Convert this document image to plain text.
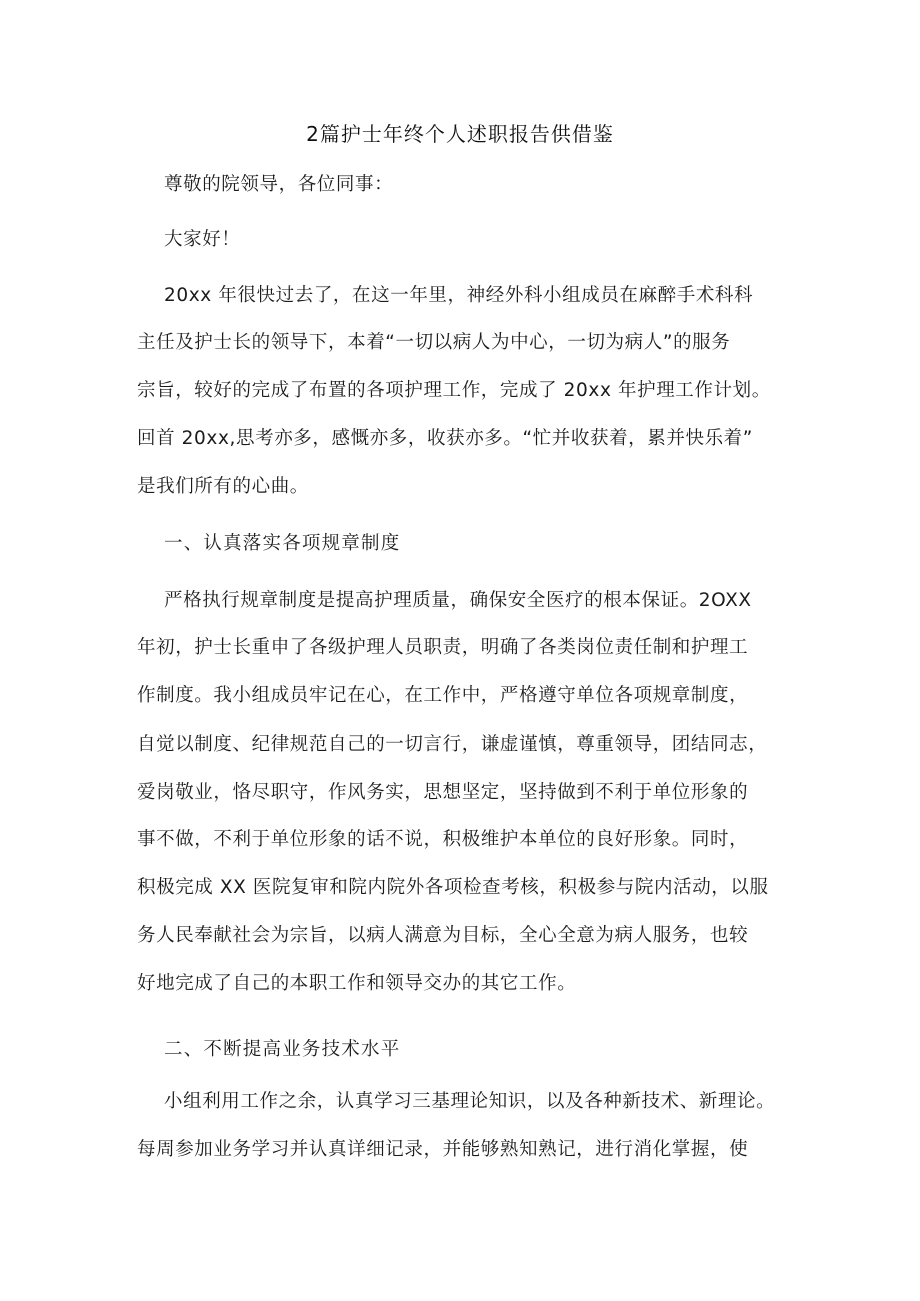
2篇护士年终个人述职报告供借鉴
尊敬的院领导，各位同事：
大家好！
20xx 年很快过去了，在这一年里，神经外科小组成员在麻醉手术科科
主任及护士长的领导下，本着“一切以病人为中心，一切为病人”的服务
宗旨，较好的完成了布置的各项护理工作，完成了 20xx 年护理工作计划。
回首 20xx,思考亦多，感慨亦多，收获亦多。“忙并收获着，累并快乐着”
是我们所有的心曲。
一、认真落实各项规章制度
严格执行规章制度是提高护理质量，确保安全医疗的根本保证。2OXX
年初，护士长重申了各级护理人员职责，明确了各类岗位责任制和护理工
作制度。我小组成员牢记在心，在工作中，严格遵守单位各项规章制度，
自觉以制度、纪律规范自己的一切言行，谦虚谨慎，尊重领导，团结同志，
爱岗敬业，恪尽职守，作风务实，思想坚定，坚持做到不利于单位形象的
事不做，不利于单位形象的话不说，积极维护本单位的良好形象。同时，
积极完成 XX 医院复审和院内院外各项检查考核，积极参与院内活动，以服
务人民奉献社会为宗旨，以病人满意为目标，全心全意为病人服务，也较
好地完成了自己的本职工作和领导交办的其它工作。
二、不断提高业务技术水平
小组利用工作之余，认真学习三基理论知识，以及各种新技术、新理论。
每周参加业务学习并认真详细记录，并能够熟知熟记，进行消化掌握，使
